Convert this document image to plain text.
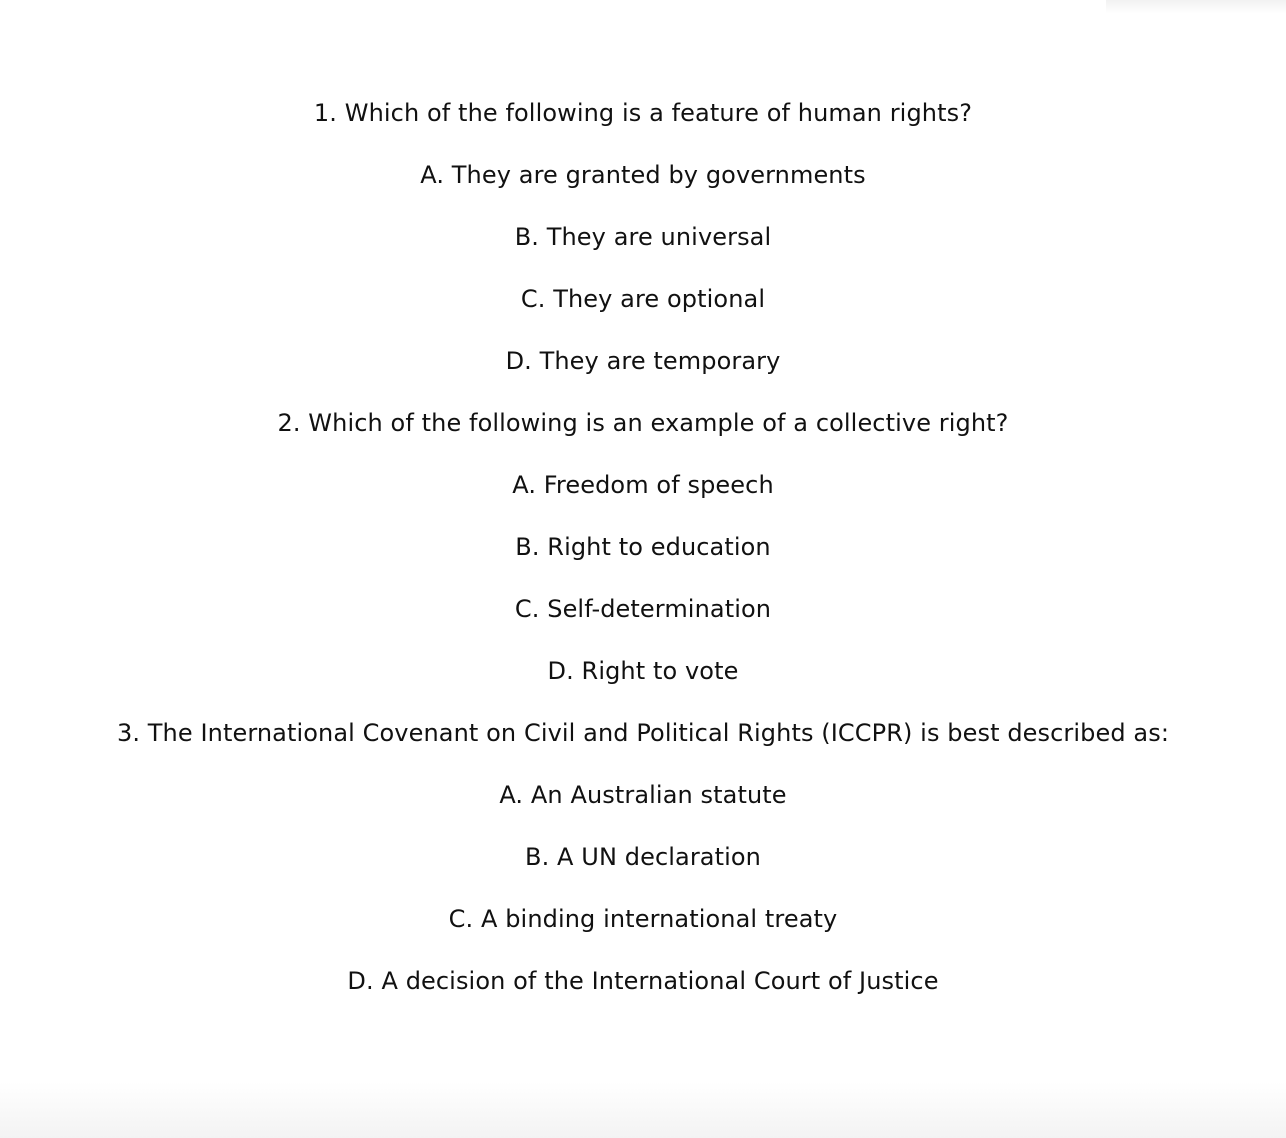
1. Which of the following is a feature of human rights?

A. They are granted by governments

B. They are universal

C. They are optional

D. They are temporary

2. Which of the following is an example of a collective right?

A. Freedom of speech

B. Right to education

C. Self-determination

D. Right to vote

3. The International Covenant on Civil and Political Rights (ICCPR) is best described as:

A. An Australian statute

B. A UN declaration

C. A binding international treaty

D. A decision of the International Court of Justice
